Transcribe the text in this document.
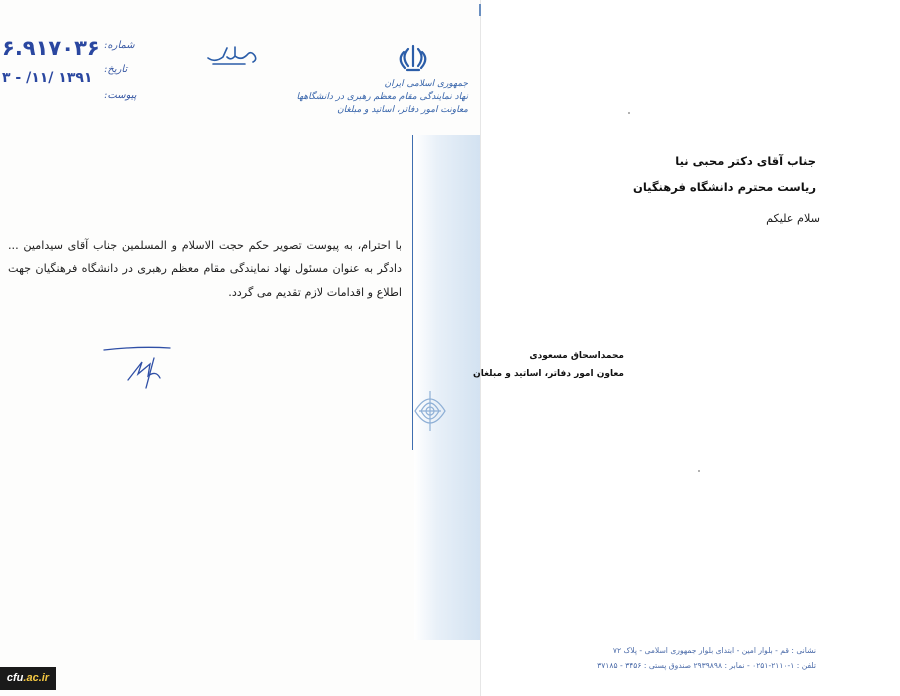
جمهوری اسلامی ایران
نهاد نمایندگی مقام معظم رهبری در دانشگاهها
معاونت امور دفاتر، اساتید و مبلغان
شماره:
۶.۹۱۷۰۳۶
تاریخ:
۳ - /۱۱/ ۱۳۹۱
پیوست:
جناب آقای دکتر محبی نیا
ریاست محترم دانشگاه فرهنگیان
سلام علیکم
با احترام، به پیوست تصویر حکم حجت الاسلام و المسلمین جناب آقای سیدامین ... دادگر به عنوان مسئول نهاد نمایندگی مقام معظم رهبری در دانشگاه فرهنگیان جهت اطلاع و اقدامات لازم تقدیم می گردد.
محمداسحاق مسعودی
معاون امور دفاتر، اساتید و مبلغان
نشانی : قم - بلوار امین - ابتدای بلوار جمهوری اسلامی - پلاک ۷۲
تلفن : ۱-۲۱۱۰-۰۲۵۱ - نمابر : ۲۹۳۹۸۹۸ صندوق پستی : ۳۴۵۶ - ۳۷۱۸۵
cfu.ac.ir
